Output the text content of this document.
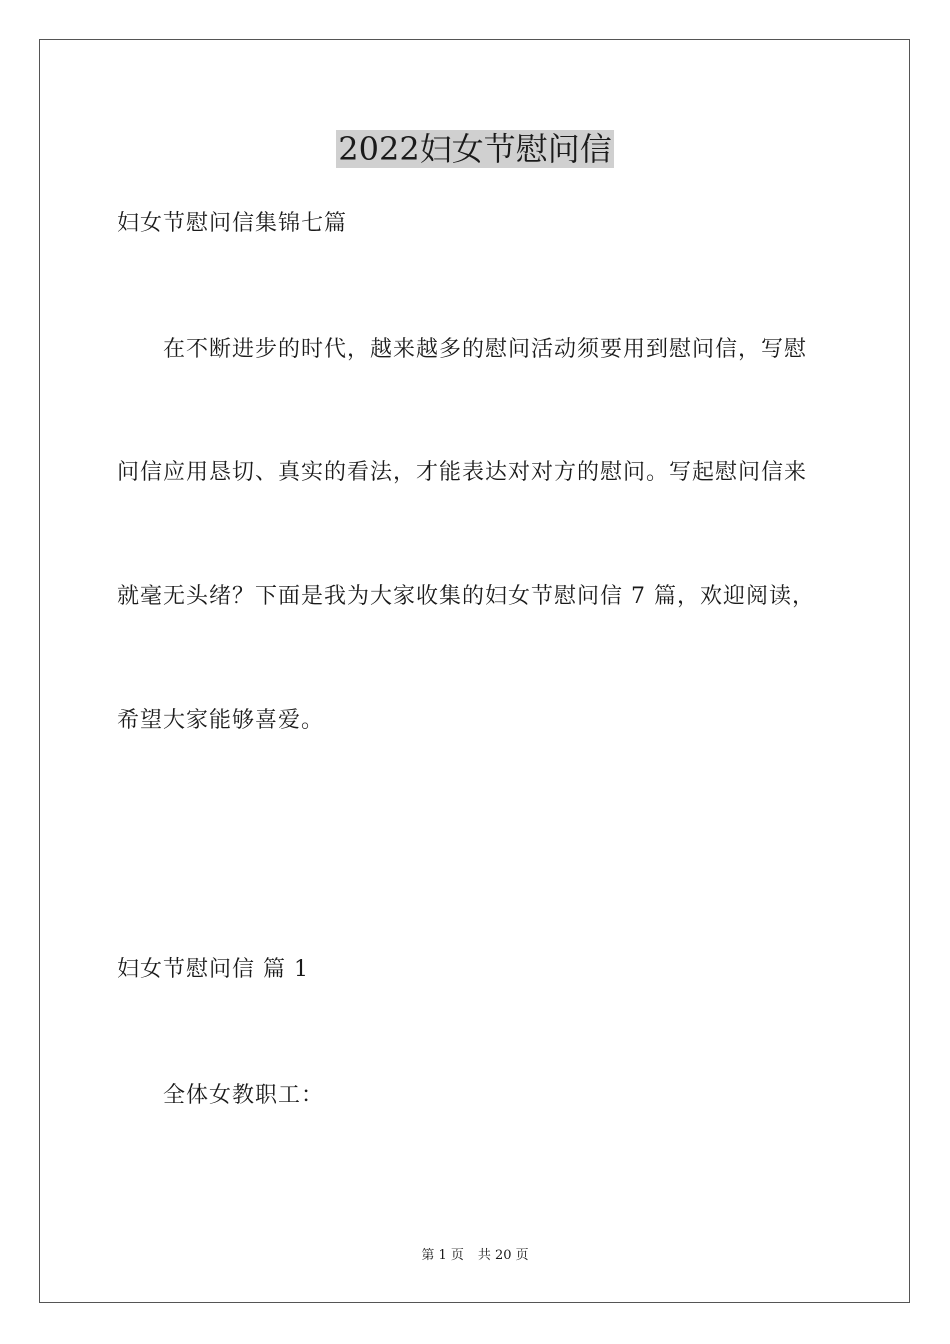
2022妇女节慰问信

妇女节慰问信集锦七篇

在不断进步的时代，越来越多的慰问活动须要用到慰问信，写慰

问信应用恳切、真实的看法，才能表达对对方的慰问。写起慰问信来

就毫无头绪？下面是我为大家收集的妇女节慰问信 7 篇，欢迎阅读，

希望大家能够喜爱。

妇女节慰问信 篇 1

全体女教职工：

第 1 页 共 20 页
